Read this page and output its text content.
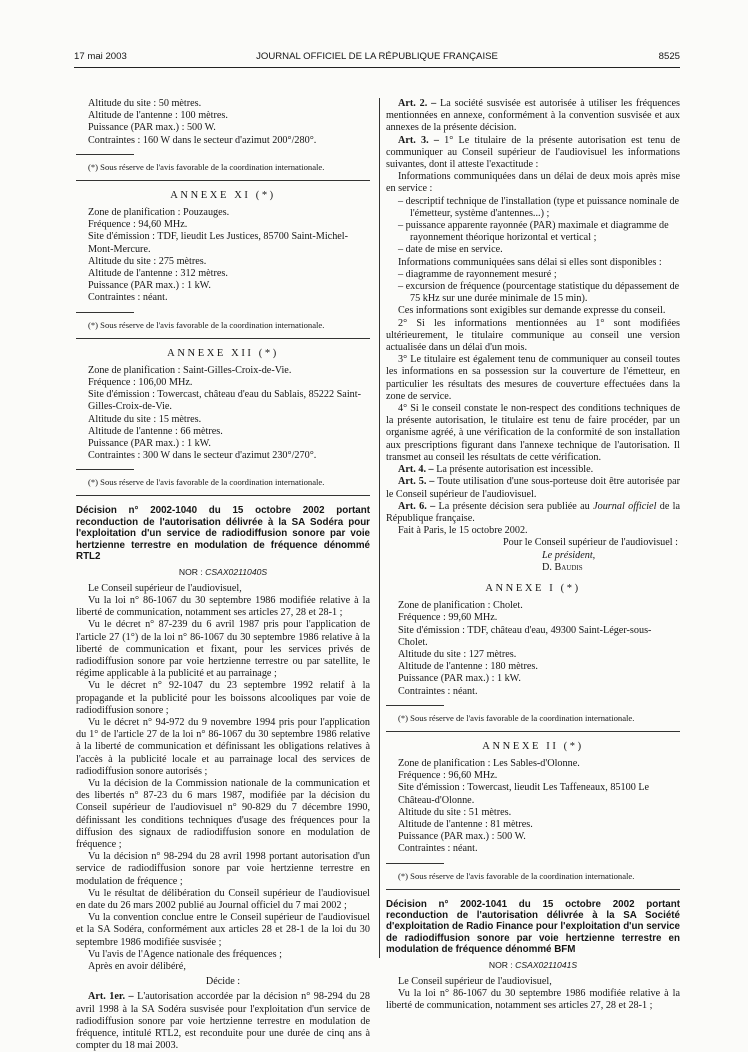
17 mai 2003	JOURNAL OFFICIEL DE LA RÉPUBLIQUE FRANÇAISE	8525
Altitude du site : 50 mètres.
Altitude de l'antenne : 100 mètres.
Puissance (PAR max.) : 500 W.
Contraintes : 160 W dans le secteur d'azimut 200°/280°.
(*) Sous réserve de l'avis favorable de la coordination internationale.
ANNEXE XI (*)
Zone de planification : Pouzauges.
Fréquence : 94,60 MHz.
Site d'émission : TDF, lieudit Les Justices, 85700 Saint-Michel-Mont-Mercure.
Altitude du site : 275 mètres.
Altitude de l'antenne : 312 mètres.
Puissance (PAR max.) : 1 kW.
Contraintes : néant.
(*) Sous réserve de l'avis favorable de la coordination internationale.
ANNEXE XII (*)
Zone de planification : Saint-Gilles-Croix-de-Vie.
Fréquence : 106,00 MHz.
Site d'émission : Towercast, château d'eau du Sablais, 85222 Saint-Gilles-Croix-de-Vie.
Altitude du site : 15 mètres.
Altitude de l'antenne : 66 mètres.
Puissance (PAR max.) : 1 kW.
Contraintes : 300 W dans le secteur d'azimut 230°/270°.
(*) Sous réserve de l'avis favorable de la coordination internationale.
Décision n° 2002-1040 du 15 octobre 2002 portant reconduction de l'autorisation délivrée à la SA Sodéra pour l'exploitation d'un service de radiodiffusion sonore par voie hertzienne terrestre en modulation de fréquence dénommé RTL2
NOR : CSAX0211040S
Le Conseil supérieur de l'audiovisuel,
Vu la loi n° 86-1067 du 30 septembre 1986 modifiée relative à la liberté de communication, notamment ses articles 27, 28 et 28-1 ;
Vu le décret n° 87-239 du 6 avril 1987 pris pour l'application de l'article 27 (1°) de la loi n° 86-1067 du 30 septembre 1986 relative à la liberté de communication et fixant, pour les services privés de radiodiffusion sonore par voie hertzienne terrestre ou par satellite, le régime applicable à la publicité et au parrainage ;
Vu le décret n° 92-1047 du 23 septembre 1992 relatif à la propagande et la publicité pour les boissons alcooliques par voie de radiodiffusion sonore ;
Vu le décret n° 94-972 du 9 novembre 1994 pris pour l'application du 1° de l'article 27 de la loi n° 86-1067 du 30 septembre 1986 relative à la liberté de communication et définissant les obligations relatives à l'accès à la publicité locale et au parrainage local des services de radiodiffusion sonore autorisés ;
Vu la décision de la Commission nationale de la communication et des libertés n° 87-23 du 6 mars 1987, modifiée par la décision du Conseil supérieur de l'audiovisuel n° 90-829 du 7 décembre 1990, définissant les conditions techniques d'usage des fréquences pour la diffusion des signaux de radiodiffusion sonore en modulation de fréquence ;
Vu la décision n° 98-294 du 28 avril 1998 portant autorisation d'un service de radiodiffusion sonore par voie hertzienne terrestre en modulation de fréquence ;
Vu le résultat de délibération du Conseil supérieur de l'audiovisuel en date du 26 mars 2002 publié au Journal officiel du 7 mai 2002 ;
Vu la convention conclue entre le Conseil supérieur de l'audiovisuel et la SA Sodéra, conformément aux articles 28 et 28-1 de la loi du 30 septembre 1986 modifiée susvisée ;
Vu l'avis de l'Agence nationale des fréquences ;
Après en avoir délibéré,
Décide :
Art. 1er. – L'autorisation accordée par la décision n° 98-294 du 28 avril 1998 à la SA Sodéra susvisée pour l'exploitation d'un service de radiodiffusion sonore par voie hertzienne terrestre en modulation de fréquence, intitulé RTL2, est reconduite pour une durée de cinq ans à compter du 18 mai 2003.
Art. 2. – La société susvisée est autorisée à utiliser les fréquences mentionnées en annexe, conformément à la convention susvisée et aux annexes de la présente décision.
Art. 3. – 1° Le titulaire de la présente autorisation est tenu de communiquer au Conseil supérieur de l'audiovisuel les informations suivantes, dont il atteste l'exactitude :
Informations communiquées dans un délai de deux mois après mise en service :
– descriptif technique de l'installation (type et puissance nominale de l'émetteur, système d'antennes...) ;
– puissance apparente rayonnée (PAR) maximale et diagramme de rayonnement théorique horizontal et vertical ;
– date de mise en service.
Informations communiquées sans délai si elles sont disponibles :
– diagramme de rayonnement mesuré ;
– excursion de fréquence (pourcentage statistique du dépassement de 75 kHz sur une durée minimale de 15 min).
Ces informations sont exigibles sur demande expresse du conseil.
2° Si les informations mentionnées au 1° sont modifiées ultérieurement, le titulaire communique au conseil une version actualisée dans un délai d'un mois.
3° Le titulaire est également tenu de communiquer au conseil toutes les informations en sa possession sur la couverture de l'émetteur, en particulier les résultats des mesures de couverture effectuées dans la zone de service.
4° Si le conseil constate le non-respect des conditions techniques de la présente autorisation, le titulaire est tenu de faire procéder, par un organisme agréé, à une vérification de la conformité de son installation aux prescriptions figurant dans l'annexe technique de l'autorisation. Il transmet au conseil les résultats de cette vérification.
Art. 4. – La présente autorisation est incessible.
Art. 5. – Toute utilisation d'une sous-porteuse doit être autorisée par le Conseil supérieur de l'audiovisuel.
Art. 6. – La présente décision sera publiée au Journal officiel de la République française.
Fait à Paris, le 15 octobre 2002.
Pour le Conseil supérieur de l'audiovisuel :
Le président,
D. Baudis
ANNEXE I (*)
Zone de planification : Cholet.
Fréquence : 99,60 MHz.
Site d'émission : TDF, château d'eau, 49300 Saint-Léger-sous-Cholet.
Altitude du site : 127 mètres.
Altitude de l'antenne : 180 mètres.
Puissance (PAR max.) : 1 kW.
Contraintes : néant.
(*) Sous réserve de l'avis favorable de la coordination internationale.
ANNEXE II (*)
Zone de planification : Les Sables-d'Olonne.
Fréquence : 96,60 MHz.
Site d'émission : Towercast, lieudit Les Taffeneaux, 85100 Le Château-d'Olonne.
Altitude du site : 51 mètres.
Altitude de l'antenne : 81 mètres.
Puissance (PAR max.) : 500 W.
Contraintes : néant.
(*) Sous réserve de l'avis favorable de la coordination internationale.
Décision n° 2002-1041 du 15 octobre 2002 portant reconduction de l'autorisation délivrée à la SA Société d'exploitation de Radio Finance pour l'exploitation d'un service de radiodiffusion sonore par voie hertzienne terrestre en modulation de fréquence dénommé BFM
NOR : CSAX0211041S
Le Conseil supérieur de l'audiovisuel,
Vu la loi n° 86-1067 du 30 septembre 1986 modifiée relative à la liberté de communication, notamment ses articles 27, 28 et 28-1 ;
